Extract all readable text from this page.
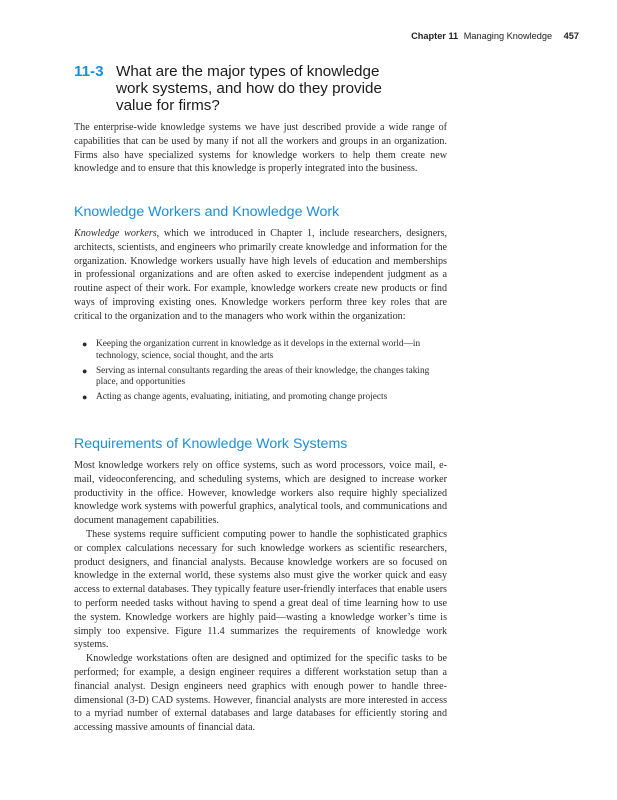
Chapter 11 Managing Knowledge 457
11-3 What are the major types of knowledge work systems, and how do they provide value for firms?

The enterprise-wide knowledge systems we have just described provide a wide range of capabilities that can be used by many if not all the workers and groups in an organization. Firms also have specialized systems for knowledge workers to help them create new knowledge and to ensure that this knowledge is properly integrated into the business.

Knowledge Workers and Knowledge Work

Knowledge workers, which we introduced in Chapter 1, include researchers, designers, architects, scientists, and engineers who primarily create knowledge and information for the organization. Knowledge workers usually have high levels of education and memberships in professional organizations and are often asked to exercise independent judgment as a routine aspect of their work. For example, knowledge workers create new products or find ways of improving existing ones. Knowledge workers perform three key roles that are critical to the organization and to the managers who work within the organization:

● Keeping the organization current in knowledge as it develops in the external world—in technology, science, social thought, and the arts
● Serving as internal consultants regarding the areas of their knowledge, the changes taking place, and opportunities
● Acting as change agents, evaluating, initiating, and promoting change projects
Requirements of Knowledge Work Systems

Most knowledge workers rely on office systems, such as word processors, voice mail, e-mail, videoconferencing, and scheduling systems, which are designed to increase worker productivity in the office. However, knowledge workers also require highly specialized knowledge work systems with powerful graphics, analytical tools, and communications and document management capabilities.

These systems require sufficient computing power to handle the sophisticated graphics or complex calculations necessary for such knowledge workers as scientific researchers, product designers, and financial analysts. Because knowledge workers are so focused on knowledge in the external world, these systems also must give the worker quick and easy access to external databases. They typically feature user-friendly interfaces that enable users to perform needed tasks without having to spend a great deal of time learning how to use the system. Knowledge workers are highly paid—wasting a knowledge worker’s time is simply too expensive. Figure 11.4 summarizes the requirements of knowledge work systems.

Knowledge workstations often are designed and optimized for the specific tasks to be performed; for example, a design engineer requires a different workstation setup than a financial analyst. Design engineers need graphics with enough power to handle three-dimensional (3-D) CAD systems. However, financial analysts are more interested in access to a myriad number of external databases and large databases for efficiently storing and accessing massive amounts of financial data.
